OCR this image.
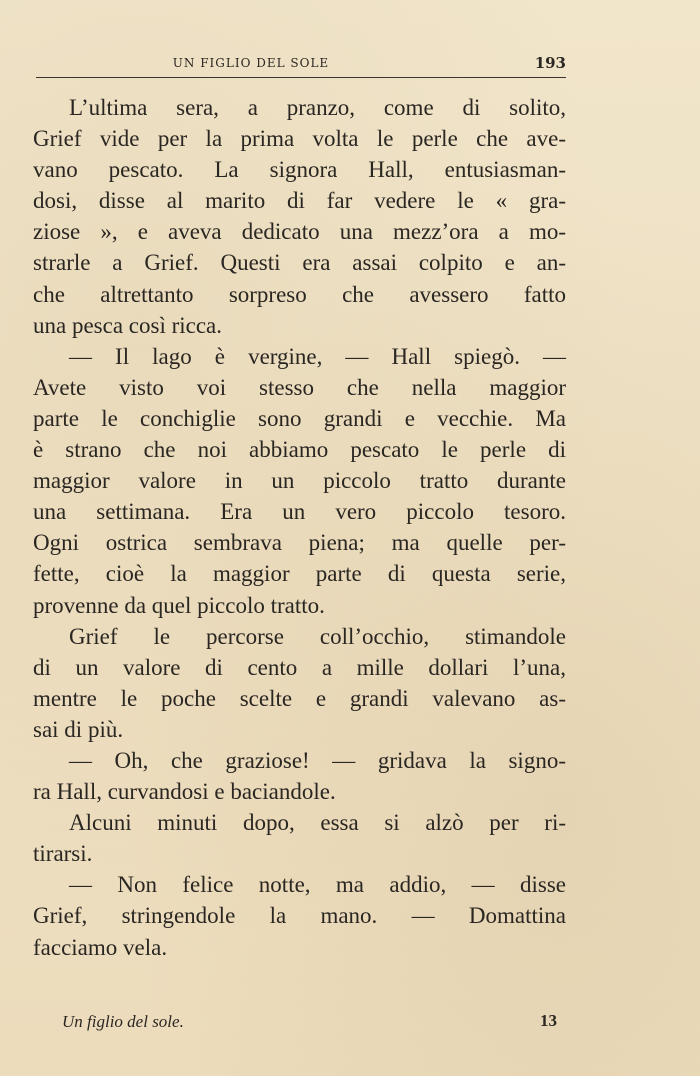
UN FIGLIO DEL SOLE	193
L’ultima sera, a pranzo, come di solito,
Grief vide per la prima volta le perle che ave-
vano pescato. La signora Hall, entusiasman-
dosi, disse al marito di far vedere le « gra-
ziose », e aveva dedicato una mezz’ora a mo-
strarle a Grief. Questi era assai colpito e an-
che altrettanto sorpreso che avessero fatto
una pesca così ricca.
— Il lago è vergine, — Hall spiegò. —
Avete visto voi stesso che nella maggior
parte le conchiglie sono grandi e vecchie. Ma
è strano che noi abbiamo pescato le perle di
maggior valore in un piccolo tratto durante
una settimana. Era un vero piccolo tesoro.
Ogni ostrica sembrava piena; ma quelle per-
fette, cioè la maggior parte di questa serie,
provenne da quel piccolo tratto.
Grief le percorse coll’occhio, stimandole
di un valore di cento a mille dollari l’una,
mentre le poche scelte e grandi valevano as-
sai di più.
— Oh, che graziose! — gridava la signo-
ra Hall, curvandosi e baciandole.
Alcuni minuti dopo, essa si alzò per ri-
tirarsi.
— Non felice notte, ma addio, — disse
Grief, stringendole la mano. — Domattina
facciamo vela.
Un figlio del sole.	13
